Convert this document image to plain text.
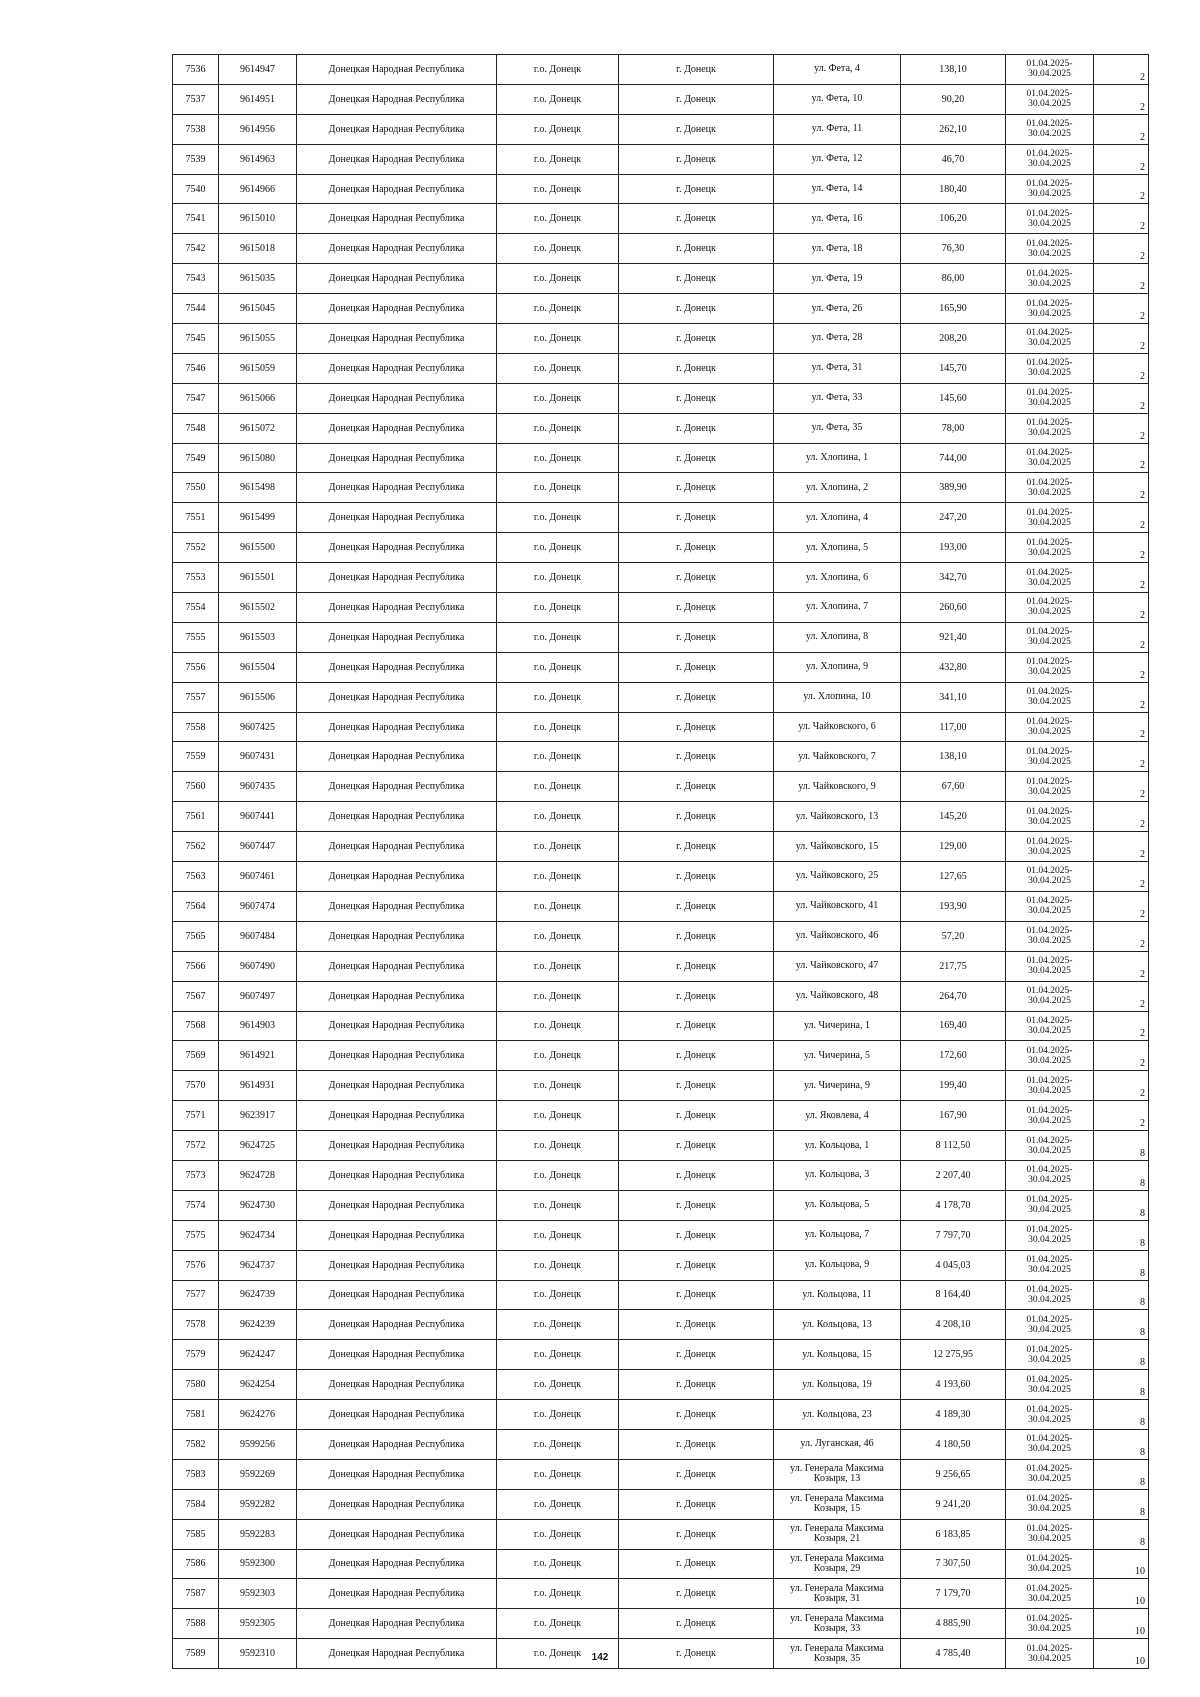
7536	9614947	Донецкая Народная Республика	г.о. Донецк	г. Донецк	ул. Фета, 4	138,10	01.04.2025-30.04.2025	2
7537	9614951	Донецкая Народная Республика	г.о. Донецк	г. Донецк	ул. Фета, 10	90,20	01.04.2025-30.04.2025	2
7538	9614956	Донецкая Народная Республика	г.о. Донецк	г. Донецк	ул. Фета, 11	262,10	01.04.2025-30.04.2025	2
7539	9614963	Донецкая Народная Республика	г.о. Донецк	г. Донецк	ул. Фета, 12	46,70	01.04.2025-30.04.2025	2
7540	9614966	Донецкая Народная Республика	г.о. Донецк	г. Донецк	ул. Фета, 14	180,40	01.04.2025-30.04.2025	2
7541	9615010	Донецкая Народная Республика	г.о. Донецк	г. Донецк	ул. Фета, 16	106,20	01.04.2025-30.04.2025	2
7542	9615018	Донецкая Народная Республика	г.о. Донецк	г. Донецк	ул. Фета, 18	76,30	01.04.2025-30.04.2025	2
7543	9615035	Донецкая Народная Республика	г.о. Донецк	г. Донецк	ул. Фета, 19	86,00	01.04.2025-30.04.2025	2
7544	9615045	Донецкая Народная Республика	г.о. Донецк	г. Донецк	ул. Фета, 26	165,90	01.04.2025-30.04.2025	2
7545	9615055	Донецкая Народная Республика	г.о. Донецк	г. Донецк	ул. Фета, 28	208,20	01.04.2025-30.04.2025	2
7546	9615059	Донецкая Народная Республика	г.о. Донецк	г. Донецк	ул. Фета, 31	145,70	01.04.2025-30.04.2025	2
7547	9615066	Донецкая Народная Республика	г.о. Донецк	г. Донецк	ул. Фета, 33	145,60	01.04.2025-30.04.2025	2
7548	9615072	Донецкая Народная Республика	г.о. Донецк	г. Донецк	ул. Фета, 35	78,00	01.04.2025-30.04.2025	2
7549	9615080	Донецкая Народная Республика	г.о. Донецк	г. Донецк	ул. Хлопина, 1	744,00	01.04.2025-30.04.2025	2
7550	9615498	Донецкая Народная Республика	г.о. Донецк	г. Донецк	ул. Хлопина, 2	389,90	01.04.2025-30.04.2025	2
7551	9615499	Донецкая Народная Республика	г.о. Донецк	г. Донецк	ул. Хлопина, 4	247,20	01.04.2025-30.04.2025	2
7552	9615500	Донецкая Народная Республика	г.о. Донецк	г. Донецк	ул. Хлопина, 5	193,00	01.04.2025-30.04.2025	2
7553	9615501	Донецкая Народная Республика	г.о. Донецк	г. Донецк	ул. Хлопина, 6	342,70	01.04.2025-30.04.2025	2
7554	9615502	Донецкая Народная Республика	г.о. Донецк	г. Донецк	ул. Хлопина, 7	260,60	01.04.2025-30.04.2025	2
7555	9615503	Донецкая Народная Республика	г.о. Донецк	г. Донецк	ул. Хлопина, 8	921,40	01.04.2025-30.04.2025	2
7556	9615504	Донецкая Народная Республика	г.о. Донецк	г. Донецк	ул. Хлопина, 9	432,80	01.04.2025-30.04.2025	2
7557	9615506	Донецкая Народная Республика	г.о. Донецк	г. Донецк	ул. Хлопина, 10	341,10	01.04.2025-30.04.2025	2
7558	9607425	Донецкая Народная Республика	г.о. Донецк	г. Донецк	ул. Чайковского, 6	117,00	01.04.2025-30.04.2025	2
7559	9607431	Донецкая Народная Республика	г.о. Донецк	г. Донецк	ул. Чайковского, 7	138,10	01.04.2025-30.04.2025	2
7560	9607435	Донецкая Народная Республика	г.о. Донецк	г. Донецк	ул. Чайковского, 9	67,60	01.04.2025-30.04.2025	2
7561	9607441	Донецкая Народная Республика	г.о. Донецк	г. Донецк	ул. Чайковского, 13	145,20	01.04.2025-30.04.2025	2
7562	9607447	Донецкая Народная Республика	г.о. Донецк	г. Донецк	ул. Чайковского, 15	129,00	01.04.2025-30.04.2025	2
7563	9607461	Донецкая Народная Республика	г.о. Донецк	г. Донецк	ул. Чайковского, 25	127,65	01.04.2025-30.04.2025	2
7564	9607474	Донецкая Народная Республика	г.о. Донецк	г. Донецк	ул. Чайковского, 41	193,90	01.04.2025-30.04.2025	2
7565	9607484	Донецкая Народная Республика	г.о. Донецк	г. Донецк	ул. Чайковского, 46	57,20	01.04.2025-30.04.2025	2
7566	9607490	Донецкая Народная Республика	г.о. Донецк	г. Донецк	ул. Чайковского, 47	217,75	01.04.2025-30.04.2025	2
7567	9607497	Донецкая Народная Республика	г.о. Донецк	г. Донецк	ул. Чайковского, 48	264,70	01.04.2025-30.04.2025	2
7568	9614903	Донецкая Народная Республика	г.о. Донецк	г. Донецк	ул. Чичерина, 1	169,40	01.04.2025-30.04.2025	2
7569	9614921	Донецкая Народная Республика	г.о. Донецк	г. Донецк	ул. Чичерина, 5	172,60	01.04.2025-30.04.2025	2
7570	9614931	Донецкая Народная Республика	г.о. Донецк	г. Донецк	ул. Чичерина, 9	199,40	01.04.2025-30.04.2025	2
7571	9623917	Донецкая Народная Республика	г.о. Донецк	г. Донецк	ул. Яковлева, 4	167,90	01.04.2025-30.04.2025	2
7572	9624725	Донецкая Народная Республика	г.о. Донецк	г. Донецк	ул. Кольцова, 1	8 112,50	01.04.2025-30.04.2025	8
7573	9624728	Донецкая Народная Республика	г.о. Донецк	г. Донецк	ул. Кольцова, 3	2 207,40	01.04.2025-30.04.2025	8
7574	9624730	Донецкая Народная Республика	г.о. Донецк	г. Донецк	ул. Кольцова, 5	4 178,70	01.04.2025-30.04.2025	8
7575	9624734	Донецкая Народная Республика	г.о. Донецк	г. Донецк	ул. Кольцова, 7	7 797,70	01.04.2025-30.04.2025	8
7576	9624737	Донецкая Народная Республика	г.о. Донецк	г. Донецк	ул. Кольцова, 9	4 045,03	01.04.2025-30.04.2025	8
7577	9624739	Донецкая Народная Республика	г.о. Донецк	г. Донецк	ул. Кольцова, 11	8 164,40	01.04.2025-30.04.2025	8
7578	9624239	Донецкая Народная Республика	г.о. Донецк	г. Донецк	ул. Кольцова, 13	4 208,10	01.04.2025-30.04.2025	8
7579	9624247	Донецкая Народная Республика	г.о. Донецк	г. Донецк	ул. Кольцова, 15	12 275,95	01.04.2025-30.04.2025	8
7580	9624254	Донецкая Народная Республика	г.о. Донецк	г. Донецк	ул. Кольцова, 19	4 193,60	01.04.2025-30.04.2025	8
7581	9624276	Донецкая Народная Республика	г.о. Донецк	г. Донецк	ул. Кольцова, 23	4 189,30	01.04.2025-30.04.2025	8
7582	9599256	Донецкая Народная Республика	г.о. Донецк	г. Донецк	ул. Луганская, 46	4 180,50	01.04.2025-30.04.2025	8
7583	9592269	Донецкая Народная Республика	г.о. Донецк	г. Донецк	ул. Генерала Максима Козыря, 13	9 256,65	01.04.2025-30.04.2025	8
7584	9592282	Донецкая Народная Республика	г.о. Донецк	г. Донецк	ул. Генерала Максима Козыря, 15	9 241,20	01.04.2025-30.04.2025	8
7585	9592283	Донецкая Народная Республика	г.о. Донецк	г. Донецк	ул. Генерала Максима Козыря, 21	6 183,85	01.04.2025-30.04.2025	8
7586	9592300	Донецкая Народная Республика	г.о. Донецк	г. Донецк	ул. Генерала Максима Козыря, 29	7 307,50	01.04.2025-30.04.2025	10
7587	9592303	Донецкая Народная Республика	г.о. Донецк	г. Донецк	ул. Генерала Максима Козыря, 31	7 179,70	01.04.2025-30.04.2025	10
7588	9592305	Донецкая Народная Республика	г.о. Донецк	г. Донецк	ул. Генерала Максима Козыря, 33	4 885,90	01.04.2025-30.04.2025	10
7589	9592310	Донецкая Народная Республика	г.о. Донецк	г. Донецк	ул. Генерала Максима Козыря, 35	4 785,40	01.04.2025-30.04.2025	10
142
